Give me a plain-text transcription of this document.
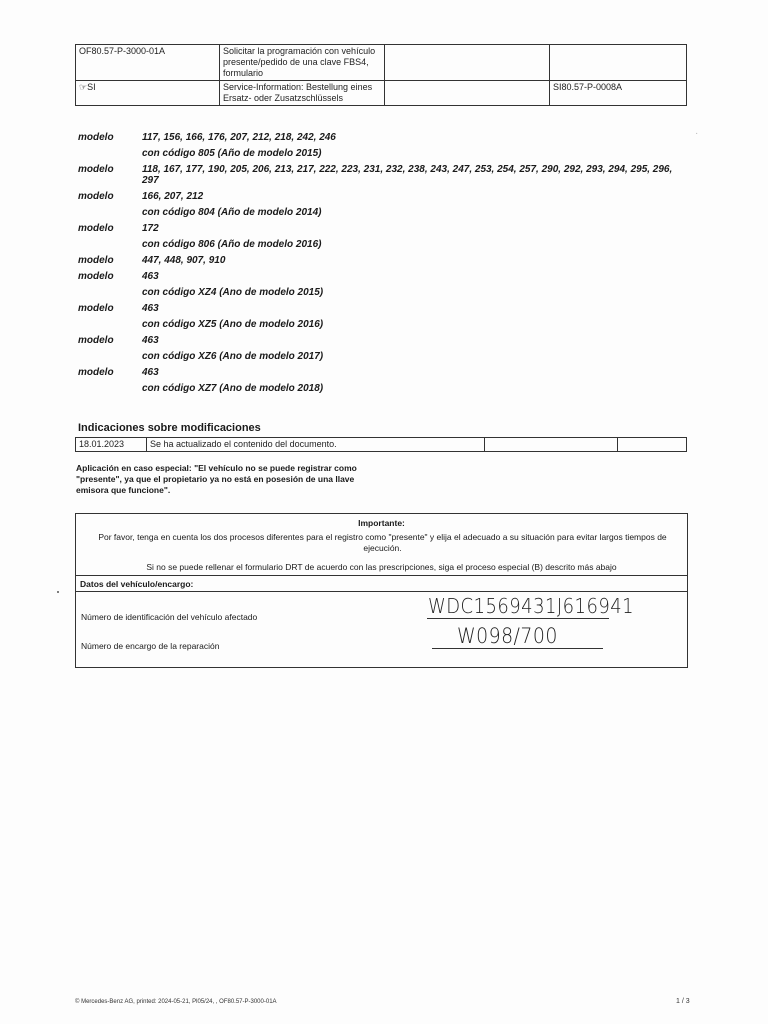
OF80.57-P-3000-01A	Solicitar la programación con vehículo presente/pedido de una clave FBS4, formulario		
☞SI	Service-Information: Bestellung eines Ersatz- oder Zusatzschlüssels		SI80.57-P-0008A
·
modelo	117, 156, 166, 176, 207, 212, 218, 242, 246
con código 805 (Año de modelo 2015)
modelo	118, 167, 177, 190, 205, 206, 213, 217, 222, 223, 231, 232, 238, 243, 247, 253, 254, 257, 290, 292, 293, 294, 295, 296, 297
modelo	166, 207, 212
con código 804 (Año de modelo 2014)
modelo	172
con código 806 (Año de modelo 2016)
modelo	447, 448, 907, 910
modelo	463
con código XZ4 (Ano de modelo 2015)
modelo	463
con código XZ5 (Ano de modelo 2016)
modelo	463
con código XZ6 (Ano de modelo 2017)
modelo	463
con código XZ7 (Ano de modelo 2018)
Indicaciones sobre modificaciones
18.01.2023	Se ha actualizado el contenido del documento.		
Aplicación en caso especial: "El vehículo no se puede registrar como "presente", ya que el propietario ya no está en posesión de una llave emisora que funcione".
Importante:
Por favor, tenga en cuenta los dos procesos diferentes para el registro como "presente" y elija el adecuado a su situación para evitar largos tiempos de ejecución.
Si no se puede rellenar el formulario DRT de acuerdo con las prescripciones, siga el proceso especial (B) descrito más abajo
Datos del vehículo/encargo:
Número de identificación del vehículo afectado	WDC1569431J616941
Número de encargo de la reparación	W098/700
© Mercedes-Benz AG, printed: 2024-05-21, Pl05/24, , OF80.57-P-3000-01A	1 / 3
